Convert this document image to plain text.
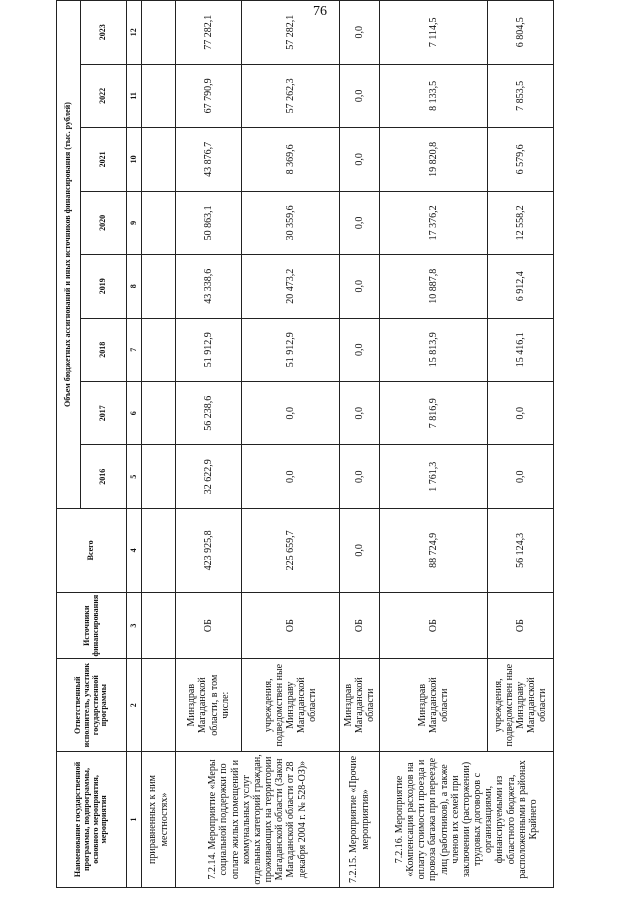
76
Наименование государственной программы, подпрограммы, основного мероприятия, мероприятия	Ответственный исполнитель, участник государственной программы	Источники финансирования	Всего	Объем бюджетных ассигнований и иных источников финансирования (тыс. рублей)							
				2016	2017	2018	2019	2020	2021	2022	2023
1	2	3	4	5	6	7	8	9	10	11	12
приравненных к ним местностях»											
7.2.14. Мероприятие «Меры социальной поддержки по оплате жилых помещений и коммунальных услуг отдельных категорий граждан, проживающих на территории Магаданской области (Закон Магаданской области от 28 декабря 2004 г. № 528-ОЗ)»	Минздрав Магаданской области, в том числе:	ОБ	423 925,8	32 622,9	56 238,6	51 912,9	43 338,6	50 863,1	43 876,7	67 790,9	77 282,1
	учреждения, подведомствен ные Минздраву Магаданской области	ОБ	225 659,7	0,0	0,0	51 912,9	20 473,2	30 359,6	8 369,6	57 262,3	57 282,1
7.2.15. Мероприятие «Прочие мероприятия»	Минздрав Магаданской области	ОБ	0,0	0,0	0,0	0,0	0,0	0,0	0,0	0,0	0,0
7.2.16. Мероприятие «Компенсация расходов на оплату стоимости проезда и провоза багажа при переезде лиц (работников), а также членов их семей при заключении (расторжении) трудовых договоров с организациями, финансируемыми из областного бюджета, расположенными в районах Крайнего	Минздрав Магаданской области	ОБ	88 724,9	1 761,3	7 816,9	15 813,9	10 887,8	17 376,2	19 820,8	8 133,5	7 114,5
	учреждения, подведомствен ные Минздраву Магаданской области	ОБ	56 124,3	0,0	0,0	15 416,1	6 912,4	12 558,2	6 579,6	7 853,5	6 804,5
